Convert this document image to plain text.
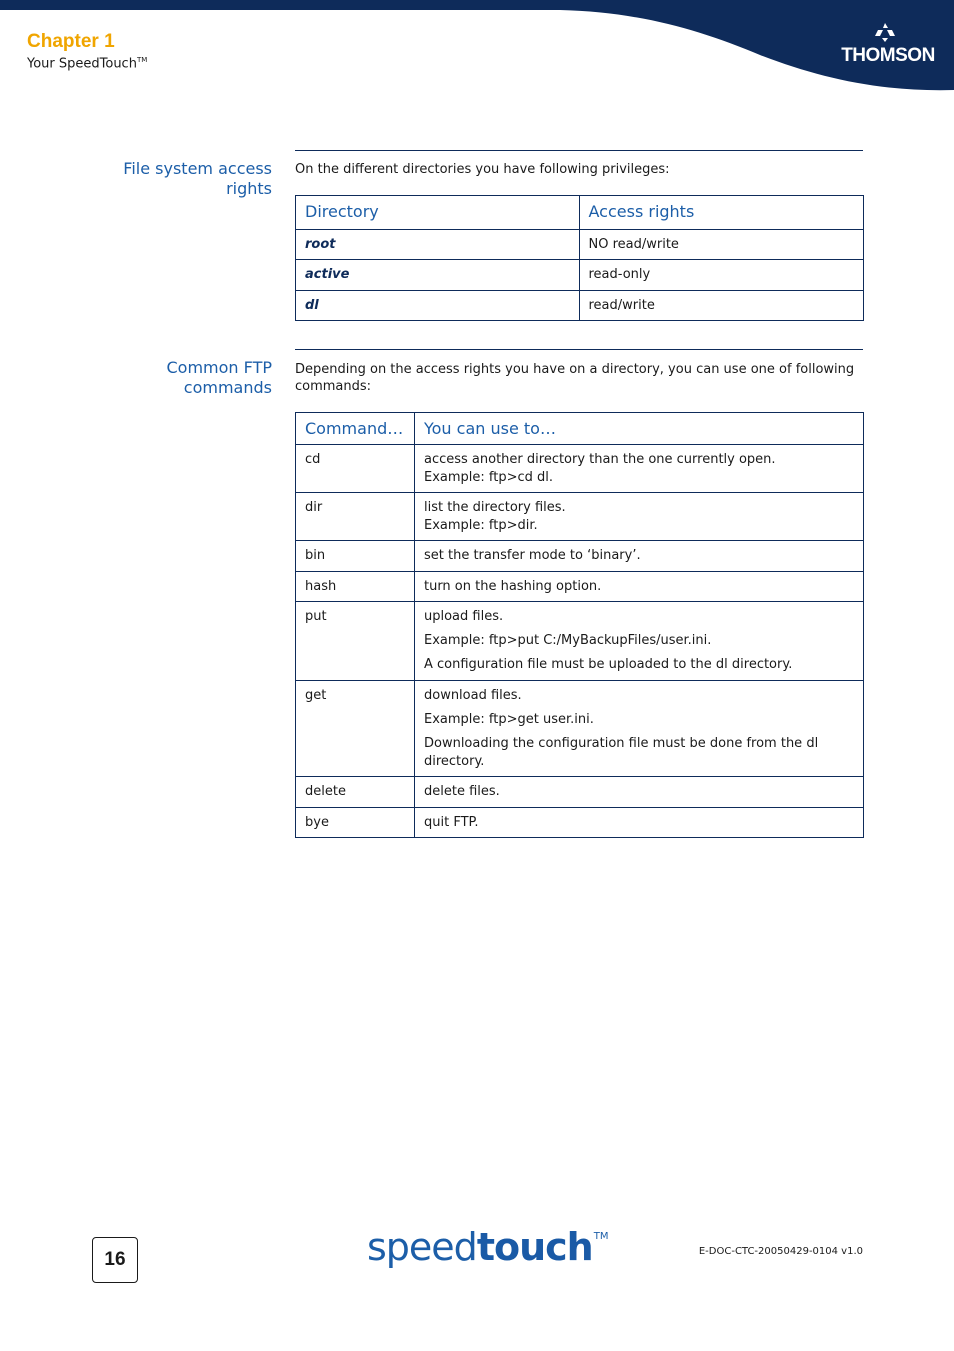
Chapter 1
Your SpeedTouch™	THOMSON
File system access
rights
On the different directories you have following privileges:
Directory	Access rights
root	NO read/write
active	read-only
dl	read/write
Common FTP
commands
Depending on the access rights you have on a directory, you can use one of following commands:
Command…	You can use to…
cd	access another directory than the one currently open.
Example: ftp>cd dl.

dir	list the directory files.
Example: ftp>dir.

bin	set the transfer mode to ‘binary’.

hash	turn on the hashing option.

put	upload files.
Example: ftp>put C:/MyBackupFiles/user.ini.
A configuration file must be uploaded to the dl directory.

get	download files.
Example: ftp>get user.ini.
Downloading the configuration file must be done from the dl directory.

delete	delete files.

bye	quit FTP.
16	speedtouch™
E-DOC-CTC-20050429-0104 v1.0
